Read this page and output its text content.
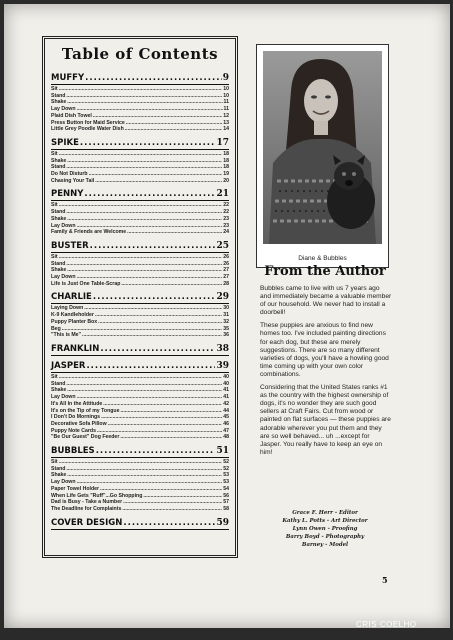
Table of Contents
MUFFY .....	9
Sit .....	10
Stand .....	10
Shake .....	11
Lay Down .....	11
Plaid Dish Towel .....	12
Press Button for Maid Service .....	13
Little Grey Poodle Water Dish .....	14
SPIKE .....	17
Sit .....	18
Shake .....	18
Stand .....	18
Do Not Disturb .....	19
Chasing Your Tail .....	20
PENNY .....	21
Sit .....	22
Stand .....	22
Shake .....	23
Lay Down .....	23
Family & Friends are Welcome .....	24
BUSTER .....	25
Sit .....	26
Stand .....	26
Shake .....	27
Lay Down .....	27
Life is Just One Table-Scrap .....	28
CHARLIE .....	29
Laying Down .....	30
K-9 Kandleholder .....	31
Puppy Planter Box .....	32
Beg .....	35
"This is Me" .....	36
FRANKLIN .....	38
JASPER .....	39
Sit .....	40
Stand .....	40
Shake .....	41
Lay Down .....	41
It's All In the Attitude .....	42
It's on the Tip of my Tongue .....	44
I Don't Do Mornings .....	45
Decorative Sofa Pillow .....	46
Puppy Note Cards .....	47
"Be Our Guest" Dog Feeder .....	48
BUBBLES .....	51
Sit .....	52
Stand .....	52
Shake .....	53
Lay Down .....	53
Paper Towel Holder .....	54
When Life Gets "Ruff"...Go Shopping .....	56
Dad is Busy - Take a Number .....	57
The Deadline for Complaints .....	58
COVER DESIGN .....	59
Diane & Bubbles
From the Author

Bubbles came to live with us 7 years ago and immediately became a valuable member of our household. We never had to install a doorbell!

These puppies are anxious to find new homes too. I've included painting directions for each dog, but these are merely suggestions. There are so many different varieties of dogs, you'll have a howling good time coming up with your own color combinations.

Considering that the United States ranks #1 as the country with the highest ownership of dogs, it's no wonder they are such good sellers at Craft Fairs. Cut from wood or painted on flat surfaces — these puppies are adorable wherever you put them and they are so well behaved... uh ...except for Jasper. You really have to keep an eye on him!

Grace F. Herr - Editor
Kathy L. Potts - Art Director
Lynn Owen - Proofing
Barry Boyd - Photography
Barney - Model
5
CRIS COELHO
